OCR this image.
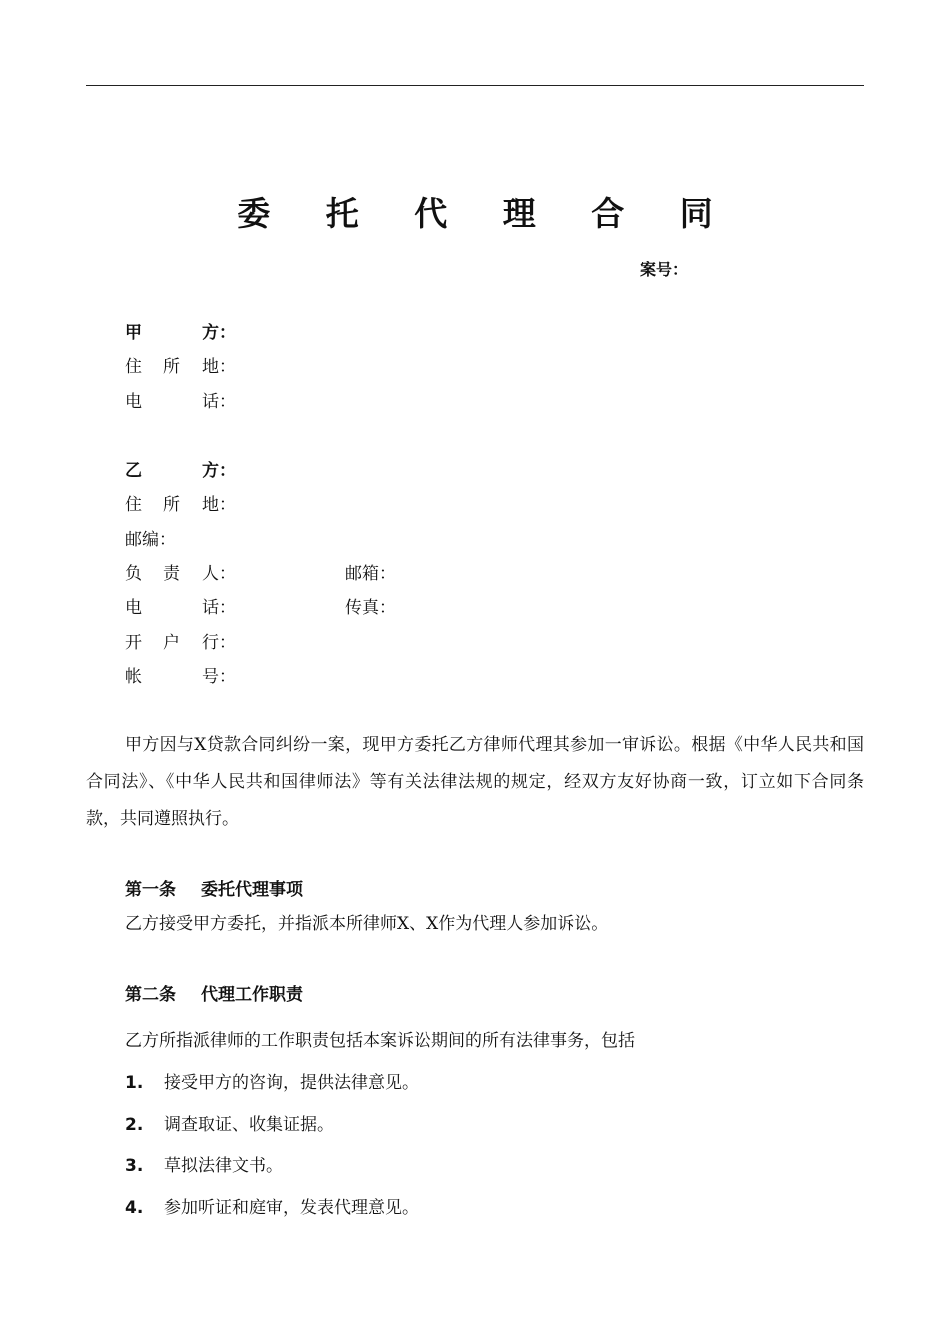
委 托 代 理 合 同
案号：
甲	方：
住 所 地：
电	话：
乙	方：
住 所 地：
邮编：
负 责 人：	邮箱：
电	话：	传真：
开 户 行：
帐	号：
甲方因与X贷款合同纠纷一案，现甲方委托乙方律师代理其参加一审诉讼。根据《中华人民共和国合同法》、《中华人民共和国律师法》等有关法律法规的规定，经双方友好协商一致，订立如下合同条款，共同遵照执行。
第一条 委托代理事项
乙方接受甲方委托，并指派本所律师X、X作为代理人参加诉讼。
第二条 代理工作职责
乙方所指派律师的工作职责包括本案诉讼期间的所有法律事务，包括
1. 接受甲方的咨询，提供法律意见。
2. 调查取证、收集证据。
3. 草拟法律文书。
4. 参加听证和庭审，发表代理意见。
